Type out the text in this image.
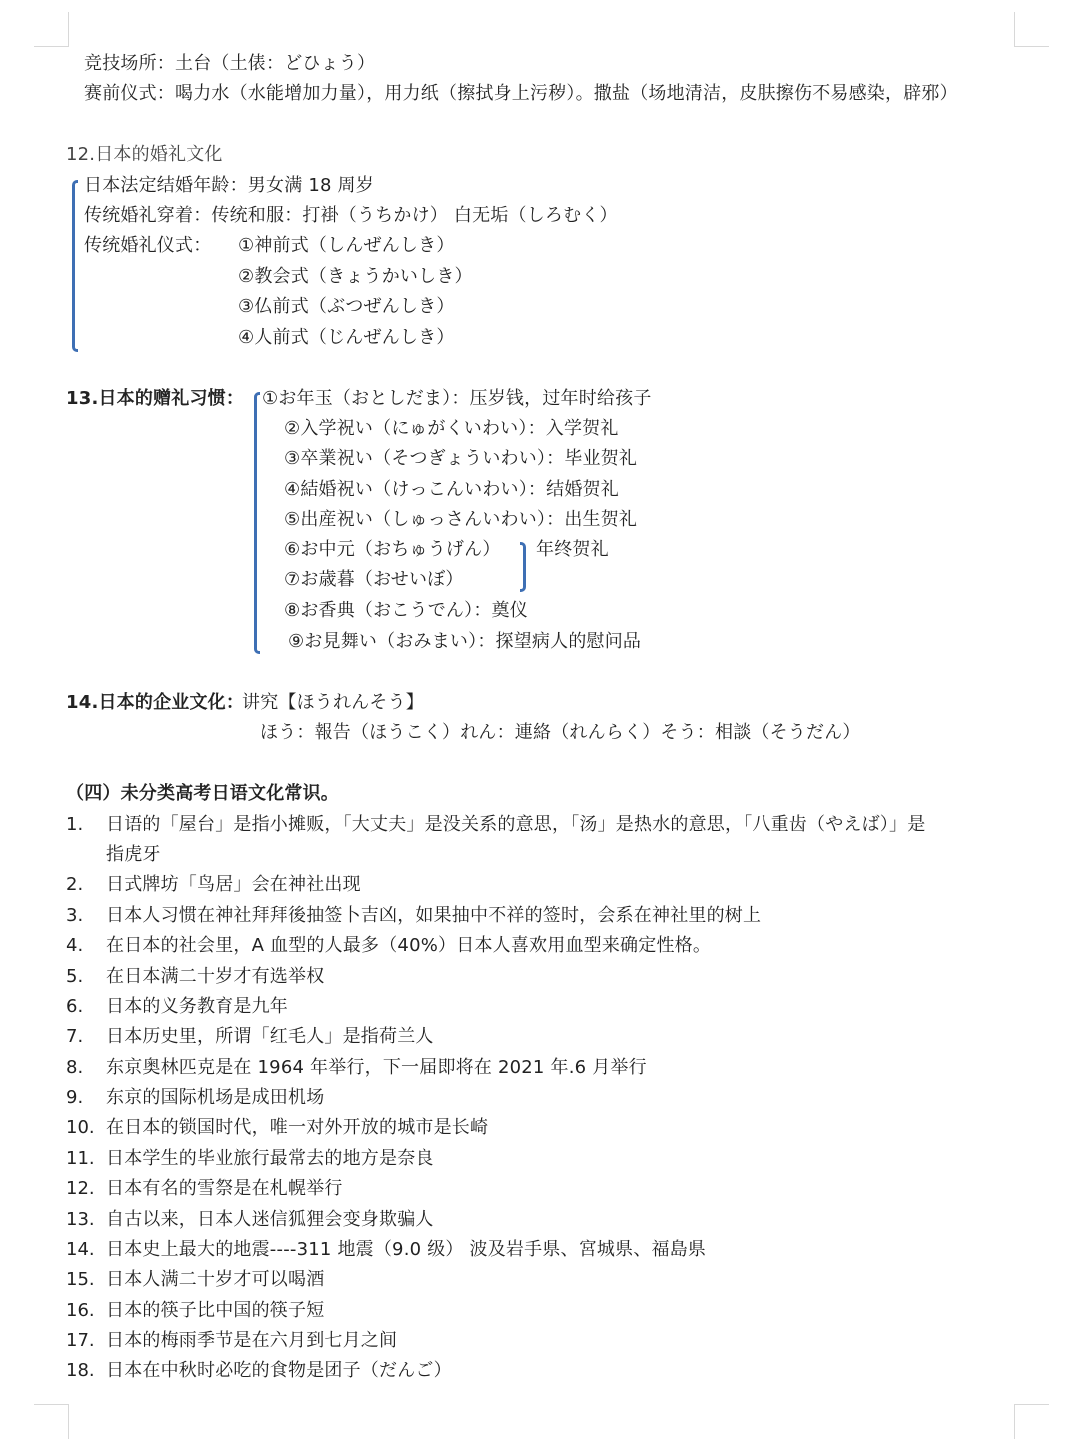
竞技场所：土台（土俵：どひょう）
赛前仪式：喝力水（水能增加力量），用力纸（擦拭身上污秽）。撒盐（场地清洁，皮肤擦伤不易感染，辟邪）
12.日本的婚礼文化
日本法定结婚年龄：男女满 18 周岁
传统婚礼穿着：传统和服：打褂（うちかけ） 白无垢（しろむく）
传统婚礼仪式： ①神前式（しんぜんしき）
②教会式（きょうかいしき）
③仏前式（ぶつぜんしき）
④人前式（じんぜんしき）
13.日本的赠礼习惯： ①お年玉（おとしだま）：压岁钱，过年时给孩子
②入学祝い（にゅがくいわい）：入学贺礼
③卒業祝い（そつぎょういわい）：毕业贺礼
④結婚祝い（けっこんいわい）：结婚贺礼
⑤出産祝い（しゅっさんいわい）：出生贺礼
⑥お中元（おちゅうげん）
⑦お歳暮（おせいぼ）
年终贺礼
⑧お香典（おこうでん）：奠仪
⑨お見舞い（おみまい）：探望病人的慰问品
14.日本的企业文化：
讲究【ほうれんそう】
ほう：報告（ほうこく）れん：連絡（れんらく）そう：相談（そうだん）
（四）未分类高考日语文化常识。
1. 日语的「屋台」是指小摊贩，「大丈夫」是没关系的意思，「汤」是热水的意思，「八重齿（やえば）」是
指虎牙
2. 日式牌坊「鸟居」会在神社出现
3. 日本人习惯在神社拜拜後抽签卜吉凶，如果抽中不祥的签时，会系在神社里的树上
4. 在日本的社会里，A 血型的人最多（40%）日本人喜欢用血型来确定性格。
5. 在日本满二十岁才有选举权
6. 日本的义务教育是九年
7. 日本历史里，所谓「红毛人」是指荷兰人
8. 东京奥林匹克是在 1964 年举行，下一届即将在 2021 年.6 月举行
9. 东京的国际机场是成田机场
10. 在日本的锁国时代，唯一对外开放的城市是长崎
11. 日本学生的毕业旅行最常去的地方是奈良
12. 日本有名的雪祭是在札幌举行
13. 自古以来，日本人迷信狐狸会变身欺骗人
14. 日本史上最大的地震----311 地震（9.0 级） 波及岩手県、宮城県、福島県
15. 日本人满二十岁才可以喝酒
16. 日本的筷子比中国的筷子短
17. 日本的梅雨季节是在六月到七月之间
18. 日本在中秋时必吃的食物是团子（だんご）
